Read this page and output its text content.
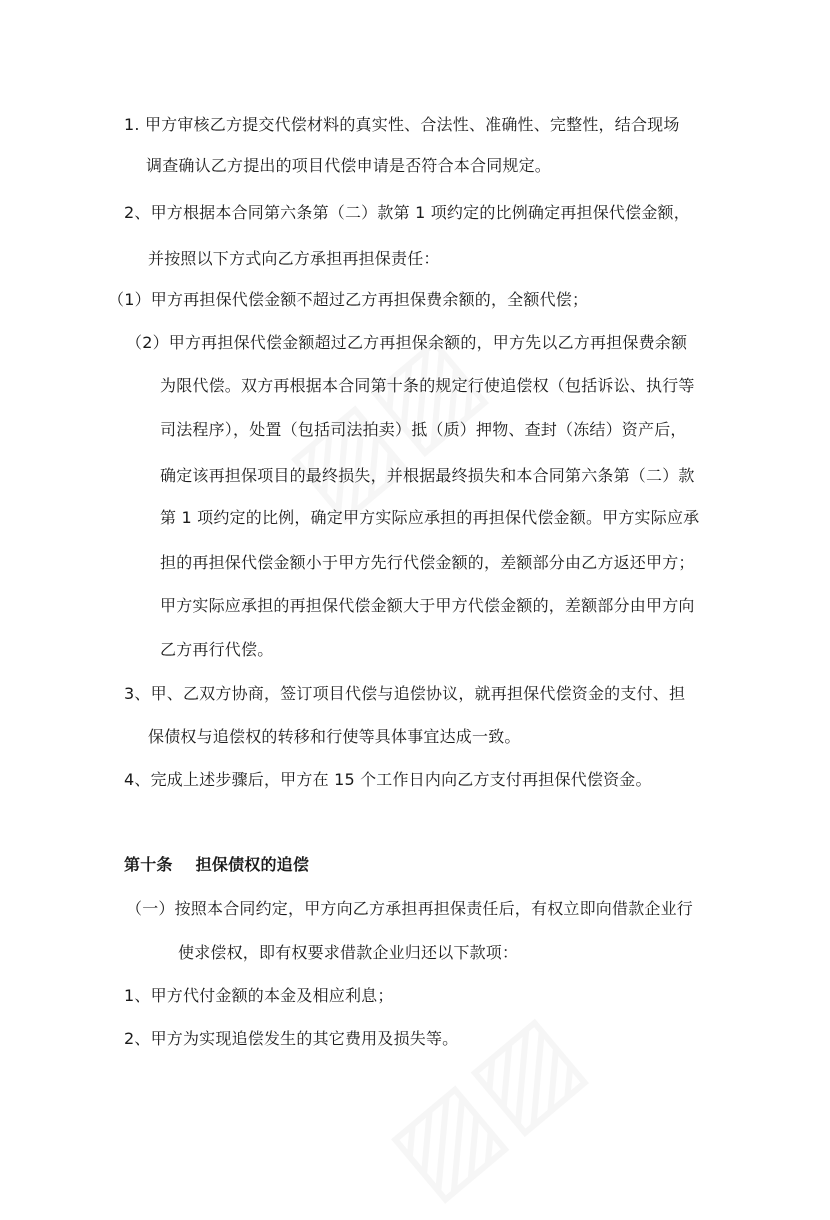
1. 甲方审核乙方提交代偿材料的真实性、合法性、准确性、完整性，结合现场
调查确认乙方提出的项目代偿申请是否符合本合同规定。
2、甲方根据本合同第六条第（二）款第 1 项约定的比例确定再担保代偿金额，
并按照以下方式向乙方承担再担保责任：
（1）甲方再担保代偿金额不超过乙方再担保费余额的，全额代偿；
（2）甲方再担保代偿金额超过乙方再担保余额的，甲方先以乙方再担保费余额
为限代偿。双方再根据本合同第十条的规定行使追偿权（包括诉讼、执行等
司法程序），处置（包括司法拍卖）抵（质）押物、查封（冻结）资产后，
确定该再担保项目的最终损失，并根据最终损失和本合同第六条第（二）款
第 1 项约定的比例，确定甲方实际应承担的再担保代偿金额。甲方实际应承
担的再担保代偿金额小于甲方先行代偿金额的，差额部分由乙方返还甲方；
甲方实际应承担的再担保代偿金额大于甲方代偿金额的，差额部分由甲方向
乙方再行代偿。
3、甲、乙双方协商，签订项目代偿与追偿协议，就再担保代偿资金的支付、担
保债权与追偿权的转移和行使等具体事宜达成一致。
4、完成上述步骤后，甲方在 15 个工作日内向乙方支付再担保代偿资金。
第十条    担保债权的追偿
（一）按照本合同约定，甲方向乙方承担再担保责任后，有权立即向借款企业行
使求偿权，即有权要求借款企业归还以下款项：
1、甲方代付金额的本金及相应利息；
2、甲方为实现追偿发生的其它费用及损失等。
